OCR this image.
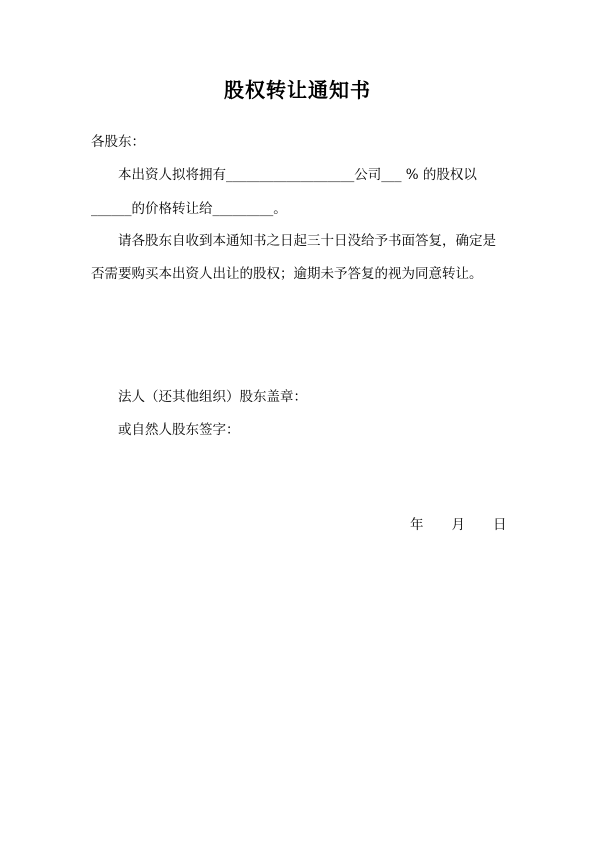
股权转让通知书
各股东：
本出资人拟将拥有___________________公司___ % 的股权以
______的价格转让给_________。
请各股东自收到本通知书之日起三十日没给予书面答复，确定是
否需要购买本出资人出让的股权；逾期未予答复的视为同意转让。
法人（还其他组织）股东盖章：
或自然人股东签字：
年 月 日
